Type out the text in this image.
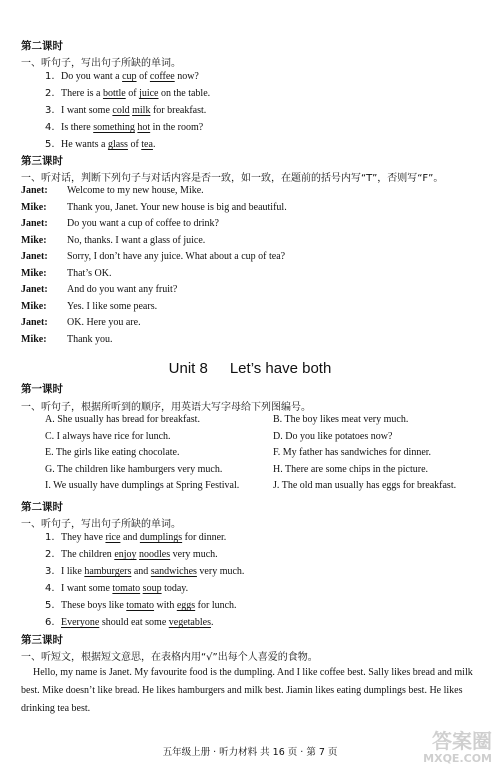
第二课时
一、听句子，写出句子所缺的单词。
1. Do you want a cup of coffee now?
2. There is a bottle of juice on the table.
3. I want some cold milk for breakfast.
4. Is there something hot in the room?
5. He wants a glass of tea.
第三课时
一、听对话，判断下列句子与对话内容是否一致，如一致，在题前的括号内写“T”，否则写“F”。
Janet: Welcome to my new house, Mike.
Mike: Thank you, Janet. Your new house is big and beautiful.
Janet: Do you want a cup of coffee to drink?
Mike: No, thanks. I want a glass of juice.
Janet: Sorry, I don’t have any juice. What about a cup of tea?
Mike: That’s OK.
Janet: And do you want any fruit?
Mike: Yes. I like some pears.
Janet: OK. Here you are.
Mike: Thank you.
Unit 8 Let’s have both
第一课时
一、听句子，根据所听到的顺序，用英语大写字母给下列图编号。
A. She usually has bread for breakfast.
C. I always have rice for lunch.
E. The girls like eating chocolate.
G. The children like hamburgers very much.
I. We usually have dumplings at Spring Festival.
B. The boy likes meat very much.
D. Do you like potatoes now?
F. My father has sandwiches for dinner.
H. There are some chips in the picture.
J. The old man usually has eggs for breakfast.
第二课时
一、听句子，写出句子所缺的单词。
1. They have rice and dumplings for dinner.
2. The children enjoy noodles very much.
3. I like hamburgers and sandwiches very much.
4. I want some tomato soup today.
5. These boys like tomato with eggs for lunch.
6. Everyone should eat some vegetables.
第三课时
一、听短文，根据短文意思，在表格内用“√”出每个人喜爱的食物。
Hello, my name is Janet. My favourite food is the dumpling. And I like coffee best. Sally likes bread and milk best. Mike doesn’t like bread. He likes hamburgers and milk best. Jiamin likes eating dumplings best. He likes drinking tea best.
五年级上册 · 听力材料 共 16 页 · 第 7 页	答案圈
MXQE.COM
